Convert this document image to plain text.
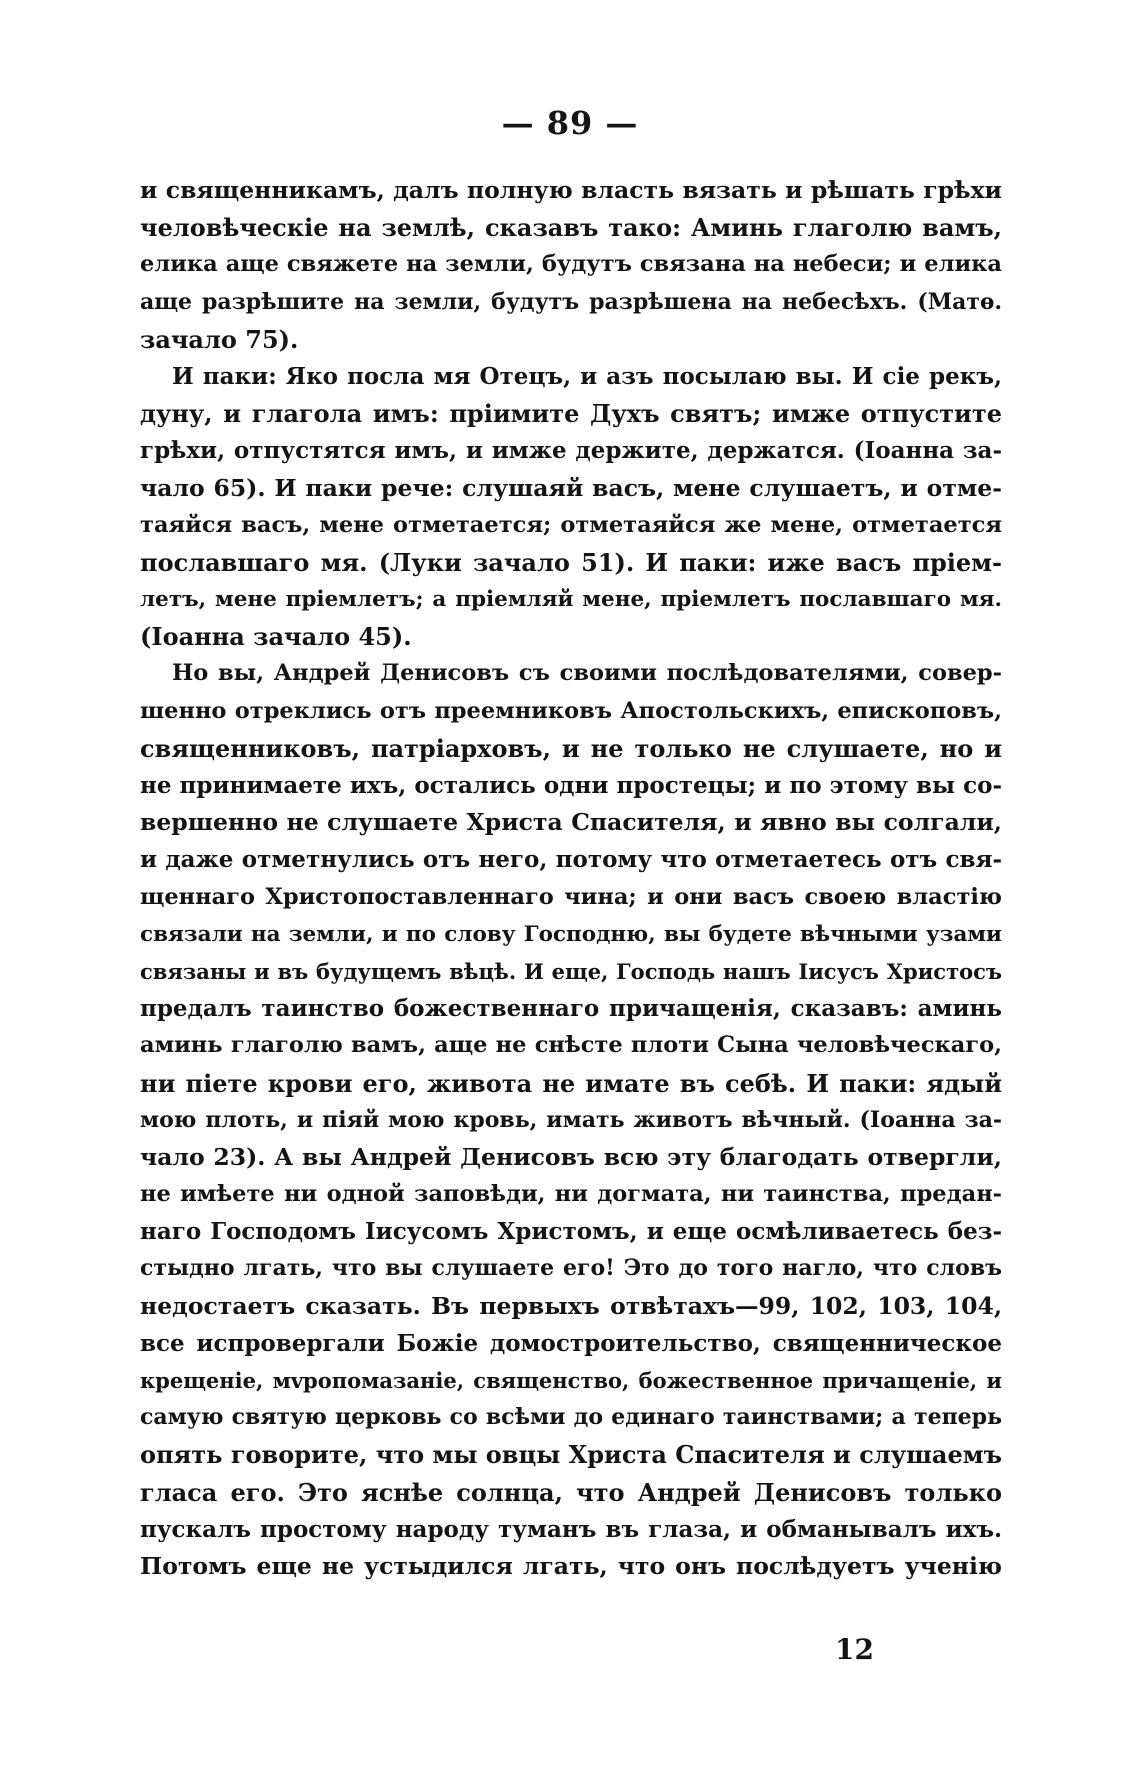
— 89 —
и священникамъ, далъ полную власть вязать и рѣшать грѣхи
человѣческіе на землѣ, сказавъ тако: Аминь глаголю вамъ,
елика аще свяжете на земли, будутъ связана на небеси; и елика
аще разрѣшите на земли, будутъ разрѣшена на небесѣхъ. (Матѳ.
зачало 75).
И паки: Яко посла мя Отецъ, и азъ посылаю вы. И сіе рекъ,
дуну, и глагола имъ: пріимите Духъ святъ; имже отпустите
грѣхи, отпустятся имъ, и имже держите, держатся. (Іоанна за-
чало 65). И паки рече: слушаяй васъ, мене слушаетъ, и отме-
таяйся васъ, мене отметается; отметаяйся же мене, отметается
пославшаго мя. (Луки зачало 51). И паки: иже васъ пріем-
летъ, мене пріемлетъ; а пріемляй мене, пріемлетъ пославшаго мя.
(Іоанна зачало 45).
Но вы, Андрей Денисовъ съ своими послѣдователями, совер-
шенно отреклись отъ преемниковъ Апостольскихъ, епископовъ,
священниковъ, патріарховъ, и не только не слушаете, но и
не принимаете ихъ, остались одни простецы; и по этому вы со-
вершенно не слушаете Христа Спасителя, и явно вы солгали,
и даже отметнулись отъ него, потому что отметаетесь отъ свя-
щеннаго Христопоставленнаго чина; и они васъ своею властію
связали на земли, и по слову Господню, вы будете вѣчными узами
связаны и въ будущемъ вѣцѣ. И еще, Господь нашъ Іисусъ Христосъ
предалъ таинство божественнаго причащенія, сказавъ: аминь
аминь глаголю вамъ, аще не снѣсте плоти Сына человѣческаго,
ни піете крови его, живота не имате въ себѣ. И паки: ядый
мою плоть, и піяй мою кровь, имать животъ вѣчный. (Іоанна за-
чало 23). А вы Андрей Денисовъ всю эту благодать отвергли,
не имѣете ни одной заповѣди, ни догмата, ни таинства, предан-
наго Господомъ Іисусомъ Христомъ, и еще осмѣливаетесь без-
стыдно лгать, что вы слушаете его! Это до того нагло, что словъ
недостаетъ сказать. Въ первыхъ отвѣтахъ—99, 102, 103, 104,
все испровергали Божіе домостроительство, священническое
крещеніе, мvропомазаніе, священство, божественное причащеніе, и
самую святую церковь со всѣми до единаго таинствами; а теперь
опять говорите, что мы овцы Христа Спасителя и слушаемъ
гласа его. Это яснѣе солнца, что Андрей Денисовъ только
пускалъ простому народу туманъ въ глаза, и обманывалъ ихъ.
Потомъ еще не устыдился лгать, что онъ послѣдуетъ ученію
12
